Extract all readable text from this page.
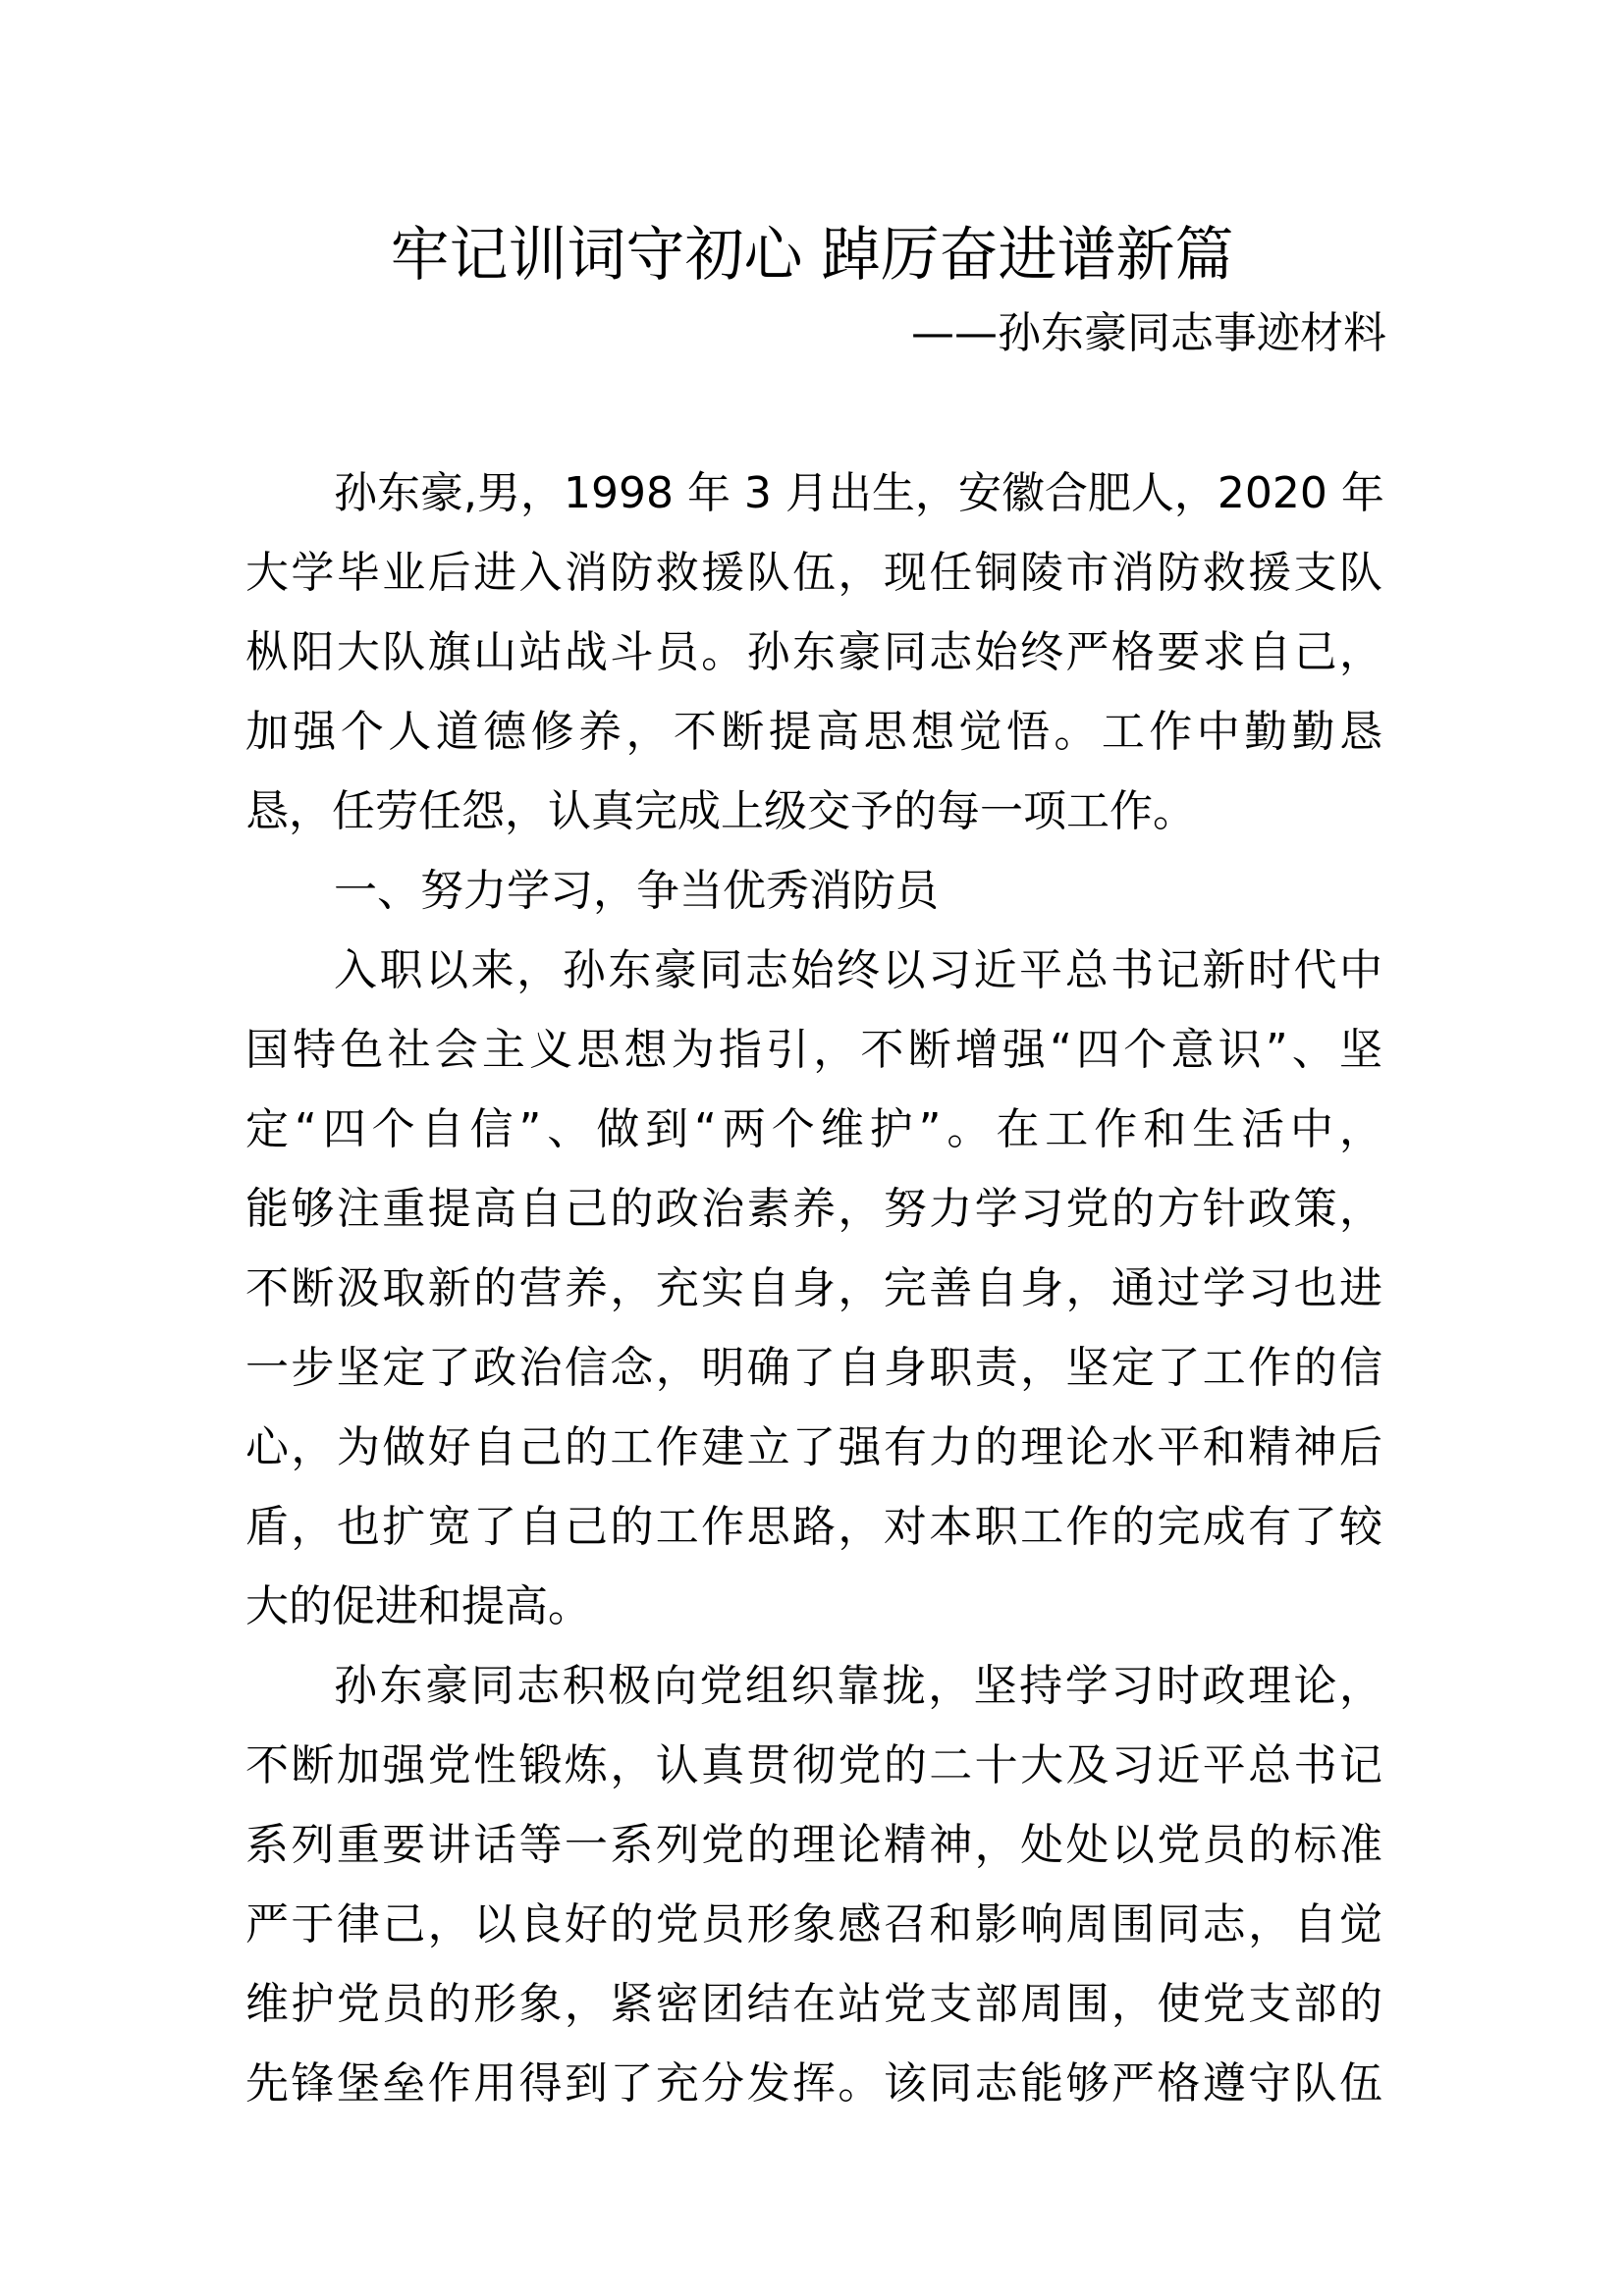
牢记训词守初心 踔厉奋进谱新篇
——孙东豪同志事迹材料
孙东豪,男，1998 年 3 月出生，安徽合肥人，2020 年
大学毕业后进入消防救援队伍，现任铜陵市消防救援支队
枞阳大队旗山站战斗员。孙东豪同志始终严格要求自己，
加强个人道德修养，不断提高思想觉悟。工作中勤勤恳
恳，任劳任怨，认真完成上级交予的每一项工作。
一、努力学习，争当优秀消防员
入职以来，孙东豪同志始终以习近平总书记新时代中
国特色社会主义思想为指引，不断增强“四个意识”、坚
定“四个自信”、做到“两个维护”。在工作和生活中，
能够注重提高自己的政治素养，努力学习党的方针政策，
不断汲取新的营养，充实自身，完善自身，通过学习也进
一步坚定了政治信念，明确了自身职责，坚定了工作的信
心，为做好自己的工作建立了强有力的理论水平和精神后
盾，也扩宽了自己的工作思路，对本职工作的完成有了较
大的促进和提高。
孙东豪同志积极向党组织靠拢，坚持学习时政理论，
不断加强党性锻炼，认真贯彻党的二十大及习近平总书记
系列重要讲话等一系列党的理论精神，处处以党员的标准
严于律己，以良好的党员形象感召和影响周围同志，自觉
维护党员的形象，紧密团结在站党支部周围，使党支部的
先锋堡垒作用得到了充分发挥。该同志能够严格遵守队伍
